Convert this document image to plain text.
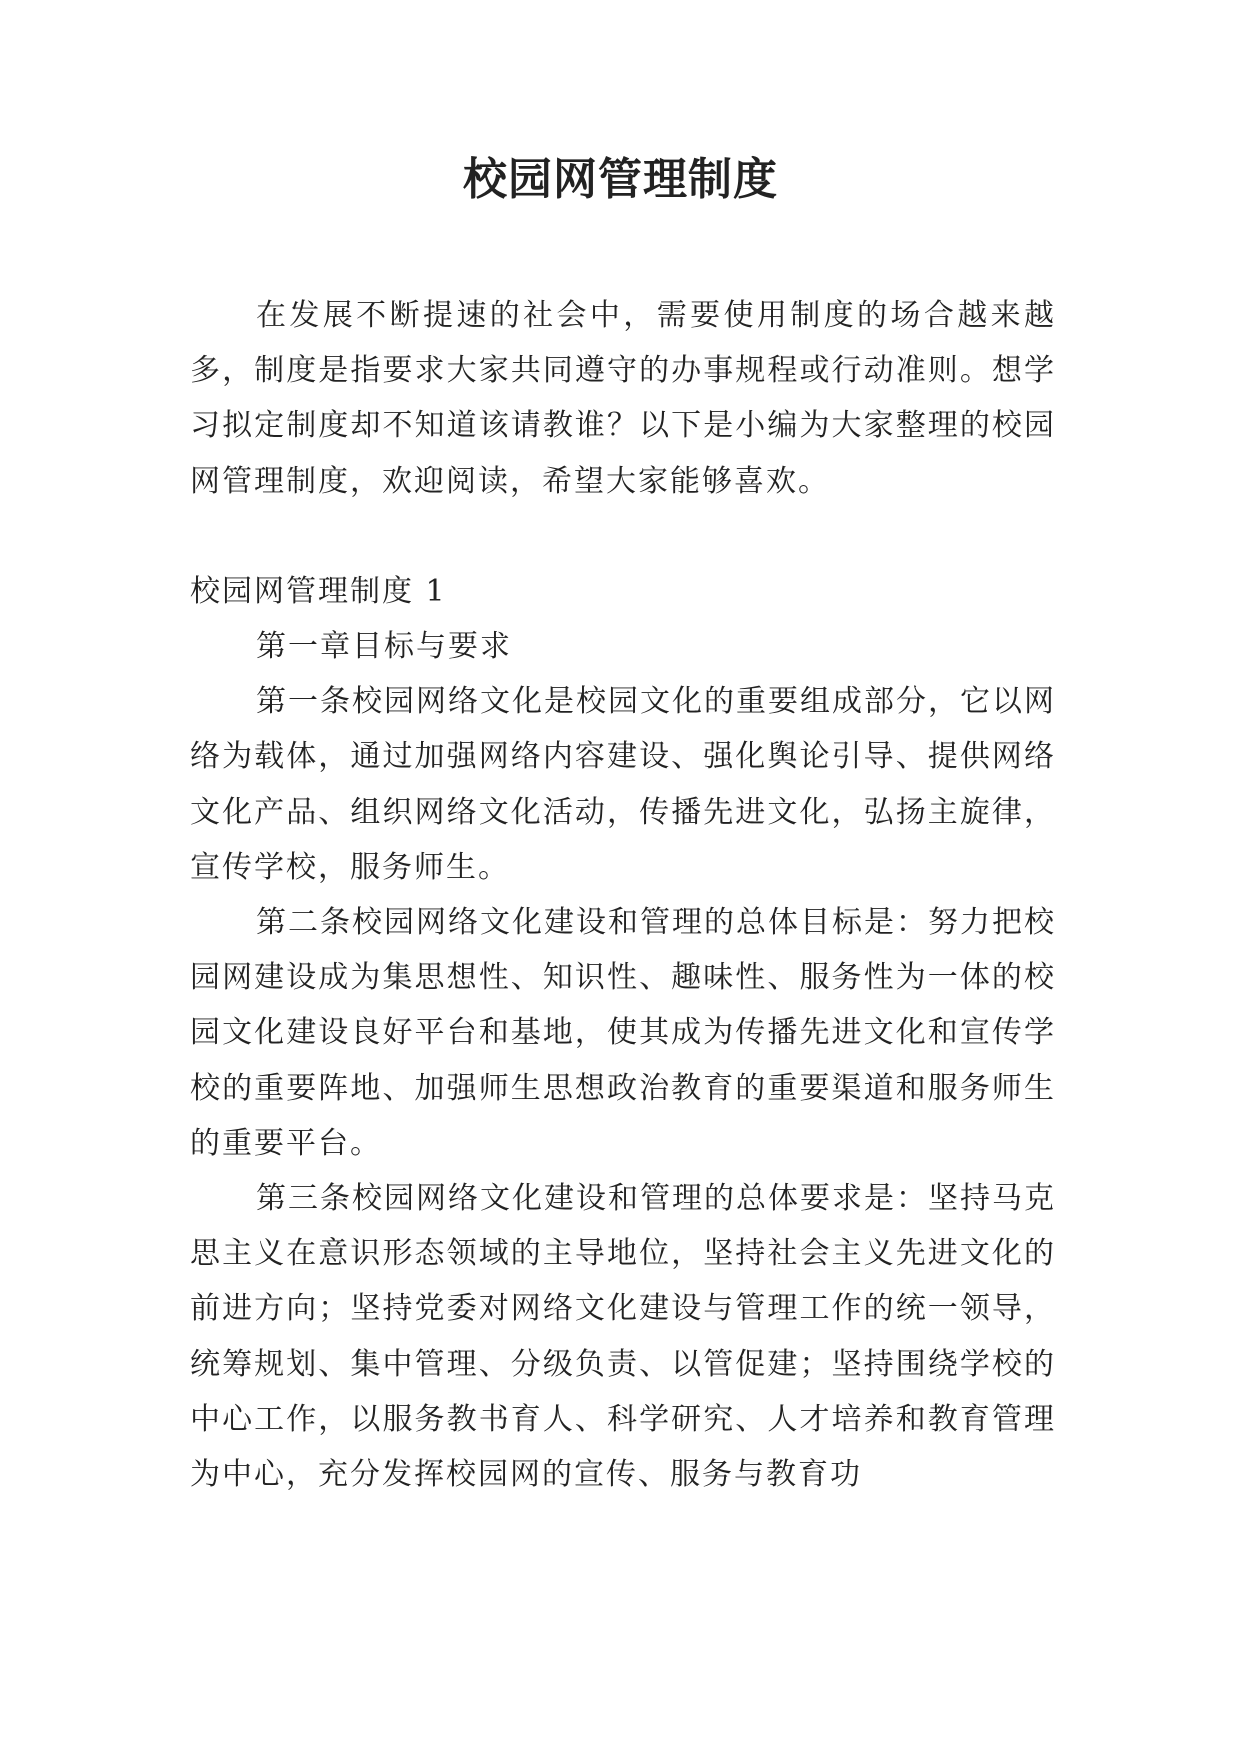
校园网管理制度

在发展不断提速的社会中，需要使用制度的场合越来越多，制度是指要求大家共同遵守的办事规程或行动准则。想学习拟定制度却不知道该请教谁？以下是小编为大家整理的校园网管理制度，欢迎阅读，希望大家能够喜欢。

校园网管理制度 1

第一章目标与要求

第一条校园网络文化是校园文化的重要组成部分，它以网络为载体，通过加强网络内容建设、强化舆论引导、提供网络文化产品、组织网络文化活动，传播先进文化，弘扬主旋律，宣传学校，服务师生。

第二条校园网络文化建设和管理的总体目标是：努力把校园网建设成为集思想性、知识性、趣味性、服务性为一体的校园文化建设良好平台和基地，使其成为传播先进文化和宣传学校的重要阵地、加强师生思想政治教育的重要渠道和服务师生的重要平台。

第三条校园网络文化建设和管理的总体要求是：坚持马克思主义在意识形态领域的主导地位，坚持社会主义先进文化的前进方向；坚持党委对网络文化建设与管理工作的统一领导，统筹规划、集中管理、分级负责、以管促建；坚持围绕学校的中心工作，以服务教书育人、科学研究、人才培养和教育管理为中心，充分发挥校园网的宣传、服务与教育功
